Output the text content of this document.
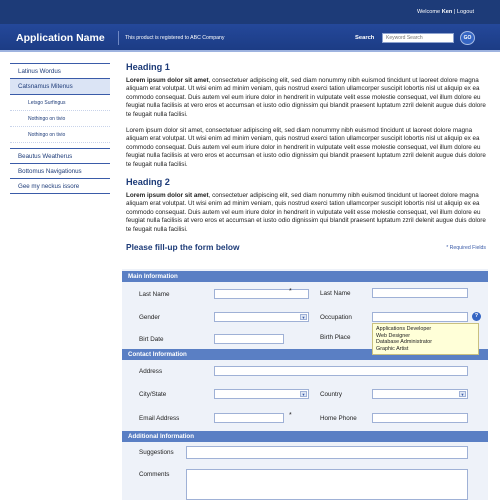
Welcome Ken | Logout
Application Name	This product is registered to ABC Company	Search
Keyword Search	GO
Latinus Wordus
Catsnamus Mitenus
Letsgo Surfingus
Nothingo on tivio
Nothingo on tivio
Beautus Weatherus
Bottomus Navigationus
Gee my neckus issore
Heading 1

Lorem ipsum dolor sit amet, consectetuer adipiscing elit, sed diam nonummy nibh euismod tincidunt ut laoreet dolore magna aliquam erat volutpat. Ut wisi enim ad minim veniam, quis nostrud exerci tation ullamcorper suscipit lobortis nisl ut aliquip ex ea commodo consequat. Duis autem vel eum iriure dolor in hendrerit in vulputate velit esse molestie consequat, vel illum dolore eu feugiat nulla facilisis at vero eros et accumsan et iusto odio dignissim qui blandit praesent luptatum zzril delenit augue duis dolore te feugait nulla facilisi.

Lorem ipsum dolor sit amet, consectetuer adipiscing elit, sed diam nonummy nibh euismod tincidunt ut laoreet dolore magna aliquam erat volutpat. Ut wisi enim ad minim veniam, quis nostrud exerci tation ullamcorper suscipit lobortis nisl ut aliquip ex ea commodo consequat. Duis autem vel eum iriure dolor in hendrerit in vulputate velit esse molestie consequat, vel illum dolore eu feugiat nulla facilisis at vero eros et accumsan et iusto odio dignissim qui blandit praesent luptatum zzril delenit augue duis dolore te feugait nulla facilisi.

Heading 2

Lorem ipsum dolor sit amet, consectetuer adipiscing elit, sed diam nonummy nibh euismod tincidunt ut laoreet dolore magna aliquam erat volutpat. Ut wisi enim ad minim veniam, quis nostrud exerci tation ullamcorper suscipit lobortis nisl ut aliquip ex ea commodo consequat. Duis autem vel eum iriure dolor in hendrerit in vulputate velit esse molestie consequat, vel illum dolore eu feugiat nulla facilisis at vero eros et accumsan et iusto odio dignissim qui blandit praesent luptatum zzril delenit augue duis dolore te feugait nulla facilisi.

Please fill-up the form below	* Required Fields
Main Information
Last Name	*	Last Name
Gender	▼ Occupation	?
Birt Date	Birth Place
Contact Information
Address
City/State	▼ Country	▼
Email Address	*	Home Phone
Additional Information
Suggestions
Comments
Applications Developer
Web Designer
Database Administrator
Graphic Artist
